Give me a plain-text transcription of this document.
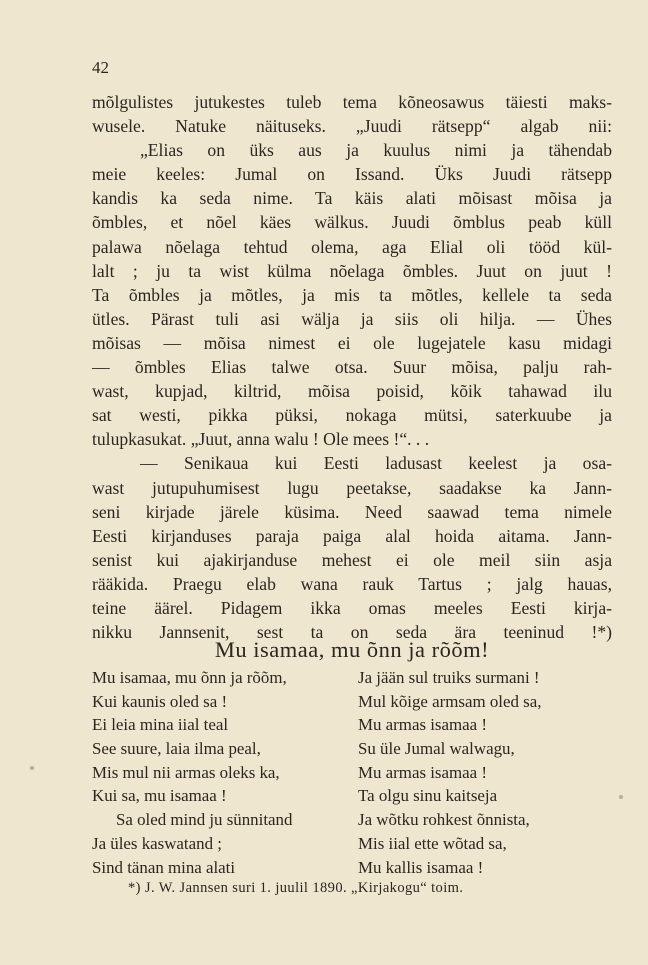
42
mõlgulistes jutukestes tuleb tema kõneosawus täiesti maks-
wusele. Natuke näituseks. „Juudi rätsepp“ algab nii:
„Elias on üks aus ja kuulus nimi ja tähendab
meie keeles: Jumal on Issand. Üks Juudi rätsepp
kandis ka seda nime. Ta käis alati mõisast mõisa ja
õmbles, et nõel käes wälkus. Juudi õmblus peab küll
palawa nõelaga tehtud olema, aga Elial oli tööd kül-
lalt ; ju ta wist külma nõelaga õmbles. Juut on juut !
Ta õmbles ja mõtles, ja mis ta mõtles, kellele ta seda
ütles. Pärast tuli asi wälja ja siis oli hilja. — Ühes
mõisas — mõisa nimest ei ole lugejatele kasu midagi
— õmbles Elias talwe otsa. Suur mõisa, palju rah-
wast, kupjad, kiltrid, mõisa poisid, kõik tahawad ilu
sat westi, pikka püksi, nokaga mütsi, saterkuube ja
tulupkasukat. „Juut, anna walu ! Ole mees !“. . .
— Senikaua kui Eesti ladusast keelest ja osa-
wast jutupuhumisest lugu peetakse, saadakse ka Jann-
seni kirjade järele küsima. Need saawad tema nimele
Eesti kirjanduses paraja paiga alal hoida aitama. Jann-
senist kui ajakirjanduse mehest ei ole meil siin asja
rääkida. Praegu elab wana rauk Tartus ; jalg hauas,
teine äärel. Pidagem ikka omas meeles Eesti kirja-
nikku Jannsenit, sest ta on seda ära teeninud !*)
Mu isamaa, mu õnn ja rõõm!
Mu isamaa, mu õnn ja rõõm,
Kui kaunis oled sa !
Ei leia mina iial teal
See suure, laia ilma peal,
Mis mul nii armas oleks ka,
Kui sa, mu isamaa !
Sa oled mind ju sünnitand
Ja üles kaswatand ;
Sind tänan mina alati
Ja jään sul truiks surmani !
Mul kõige armsam oled sa,
Mu armas isamaa !
Su üle Jumal walwagu,
Mu armas isamaa !
Ta olgu sinu kaitseja
Ja wõtku rohkest õnnista,
Mis iial ette wõtad sa,
Mu kallis isamaa !
*) J. W. Jannsen suri 1. juulil 1890. „Kirjakogu“ toim.
